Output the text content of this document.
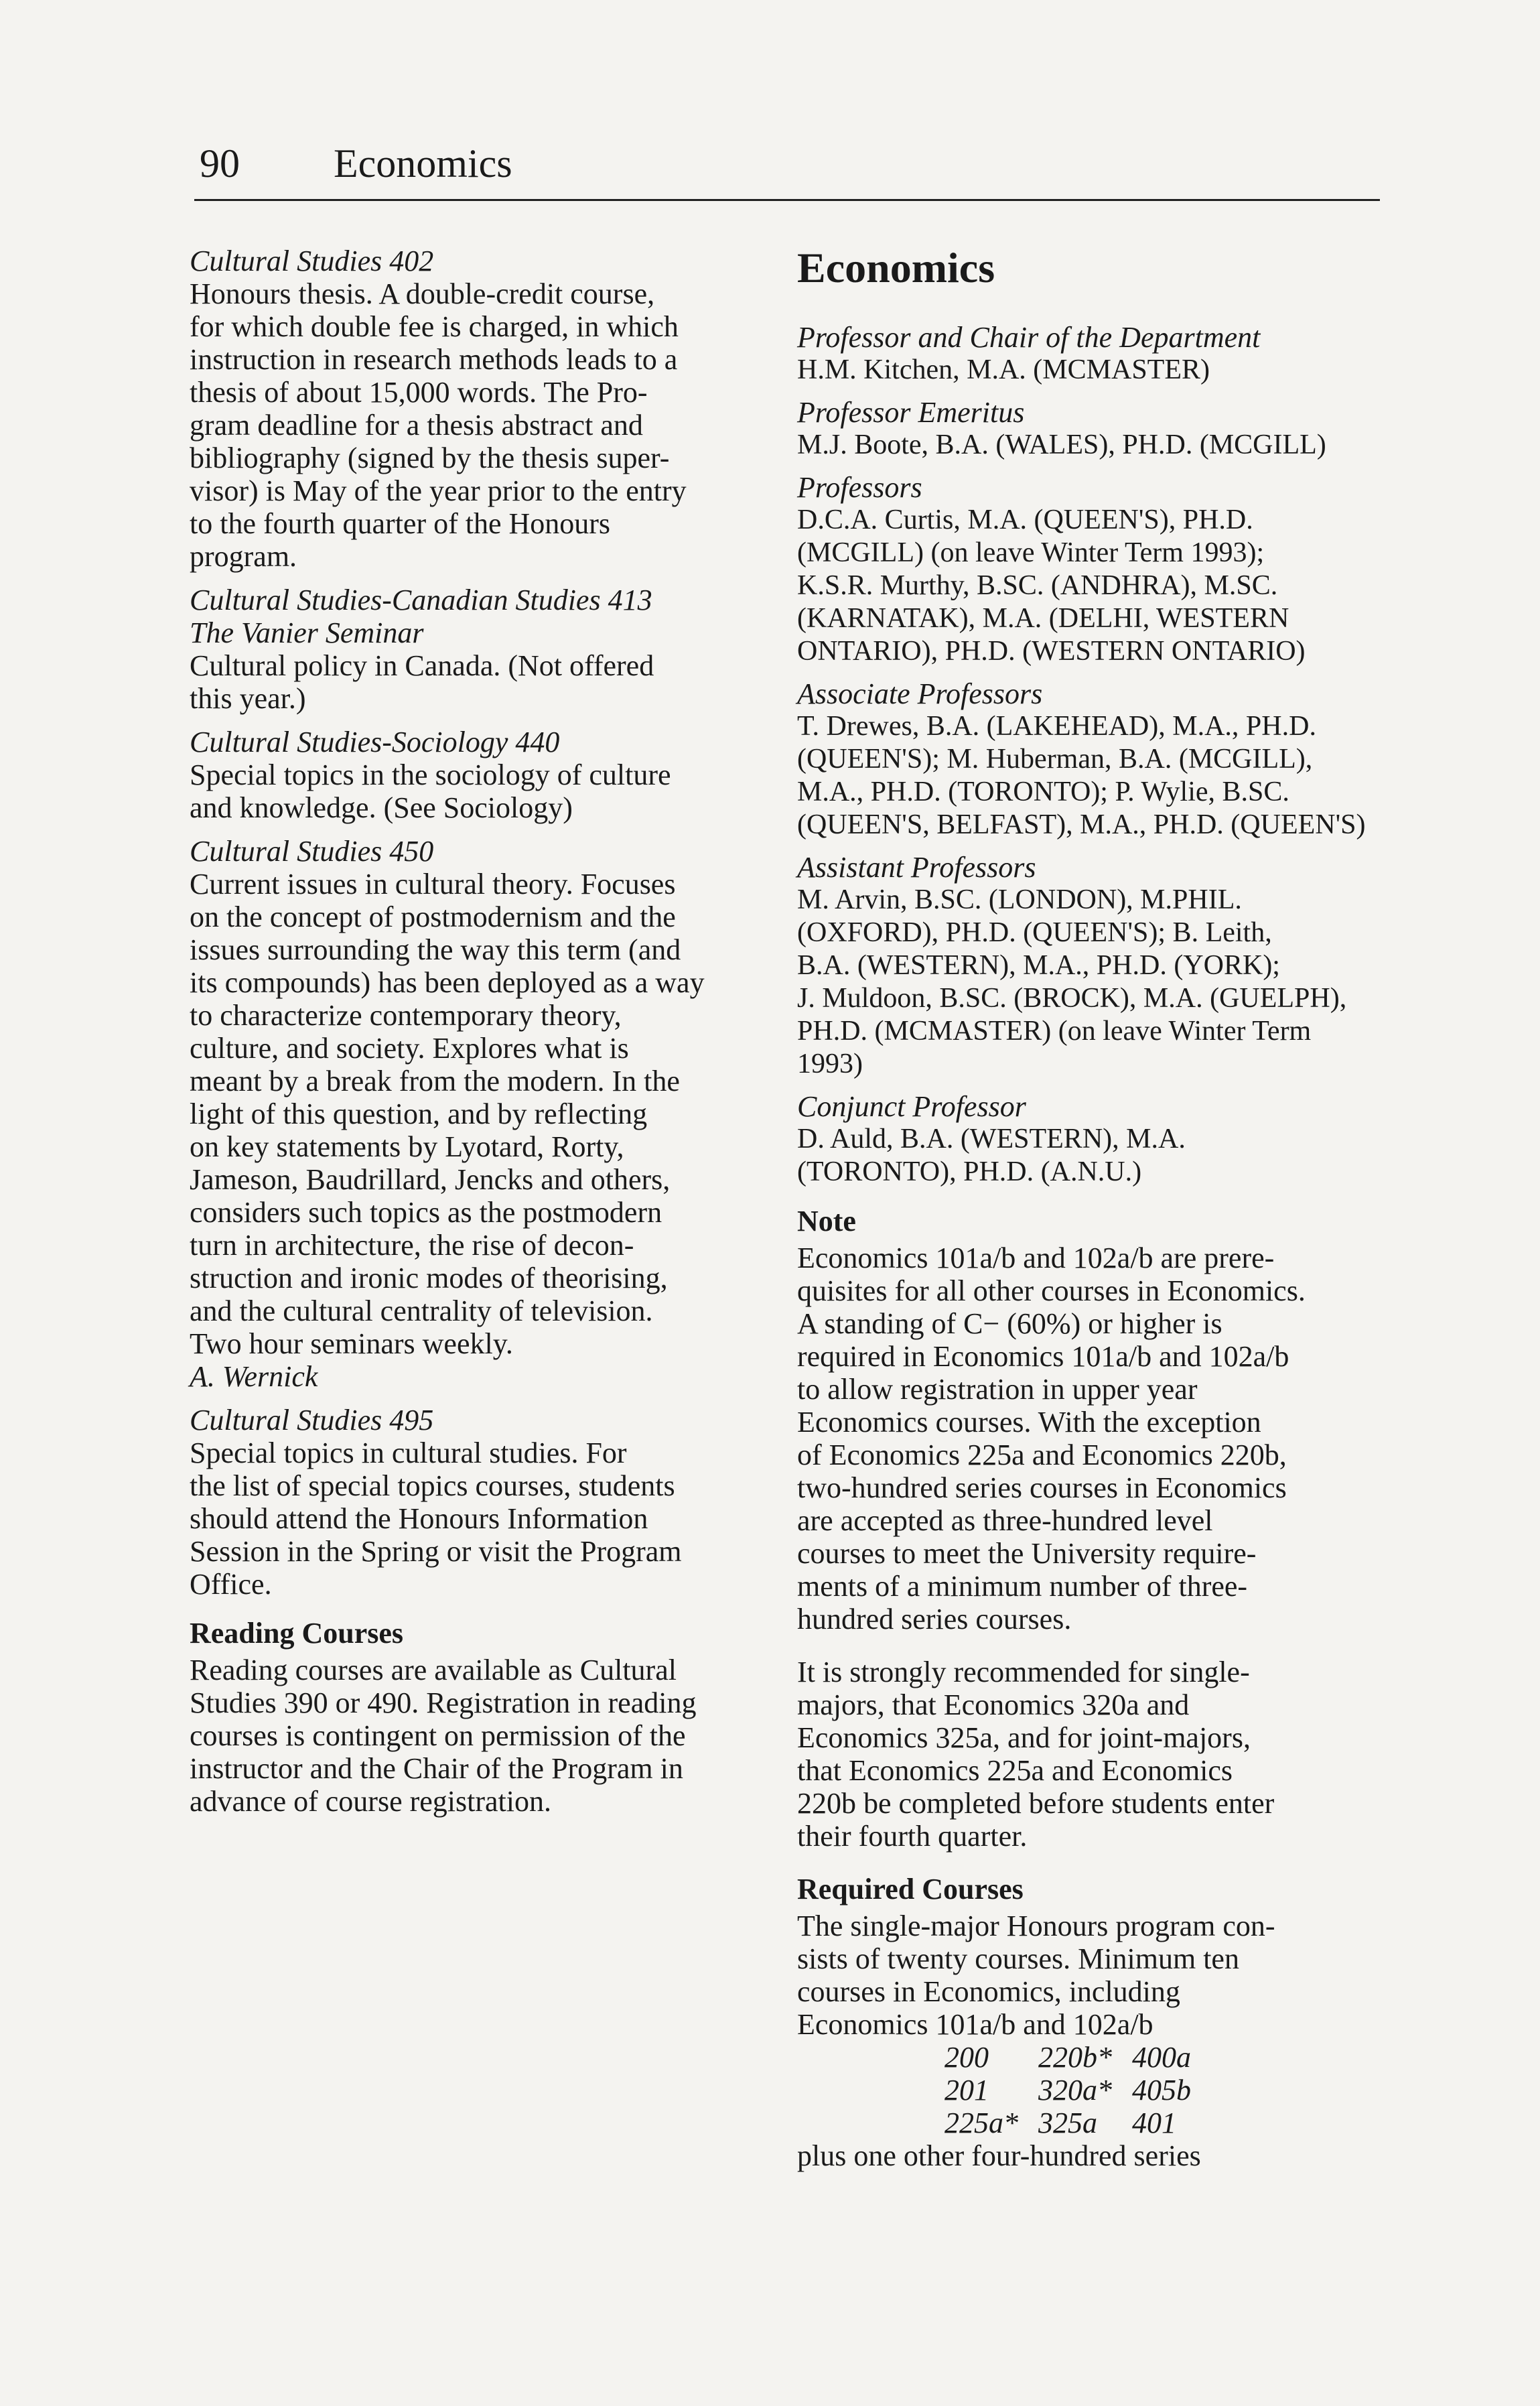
90 Economics
Cultural Studies 402
Honours thesis. A double-credit course,
for which double fee is charged, in which
instruction in research methods leads to a
thesis of about 15,000 words. The Pro-
gram deadline for a thesis abstract and
bibliography (signed by the thesis super-
visor) is May of the year prior to the entry
to the fourth quarter of the Honours
program.
Cultural Studies-Canadian Studies 413
The Vanier Seminar
Cultural policy in Canada. (Not offered
this year.)
Cultural Studies-Sociology 440
Special topics in the sociology of culture
and knowledge. (See Sociology)
Cultural Studies 450
Current issues in cultural theory. Focuses
on the concept of postmodernism and the
issues surrounding the way this term (and
its compounds) has been deployed as a way
to characterize contemporary theory,
culture, and society. Explores what is
meant by a break from the modern. In the
light of this question, and by reflecting
on key statements by Lyotard, Rorty,
Jameson, Baudrillard, Jencks and others,
considers such topics as the postmodern
turn in architecture, the rise of decon-
struction and ironic modes of theorising,
and the cultural centrality of television.
Two hour seminars weekly.
A. Wernick
Cultural Studies 495
Special topics in cultural studies. For
the list of special topics courses, students
should attend the Honours Information
Session in the Spring or visit the Program
Office.
Reading Courses
Reading courses are available as Cultural
Studies 390 or 490. Registration in reading
courses is contingent on permission of the
instructor and the Chair of the Program in
advance of course registration.
Economics
Professor and Chair of the Department
H.M. Kitchen, M.A. (MCMASTER)
Professor Emeritus
M.J. Boote, B.A. (WALES), PH.D. (MCGILL)
Professors
D.C.A. Curtis, M.A. (QUEEN'S), PH.D.
(MCGILL) (on leave Winter Term 1993);
K.S.R. Murthy, B.SC. (ANDHRA), M.SC.
(KARNATAK), M.A. (DELHI, WESTERN
ONTARIO), PH.D. (WESTERN ONTARIO)
Associate Professors
T. Drewes, B.A. (LAKEHEAD), M.A., PH.D.
(QUEEN'S); M. Huberman, B.A. (MCGILL),
M.A., PH.D. (TORONTO); P. Wylie, B.SC.
(QUEEN'S, BELFAST), M.A., PH.D. (QUEEN'S)
Assistant Professors
M. Arvin, B.SC. (LONDON), M.PHIL.
(OXFORD), PH.D. (QUEEN'S); B. Leith,
B.A. (WESTERN), M.A., PH.D. (YORK);
J. Muldoon, B.SC. (BROCK), M.A. (GUELPH),
PH.D. (MCMASTER) (on leave Winter Term
1993)
Conjunct Professor
D. Auld, B.A. (WESTERN), M.A.
(TORONTO), PH.D. (A.N.U.)
Note
Economics 101a/b and 102a/b are prere-
quisites for all other courses in Economics.
A standing of C− (60%) or higher is
required in Economics 101a/b and 102a/b
to allow registration in upper year
Economics courses. With the exception
of Economics 225a and Economics 220b,
two-hundred series courses in Economics
are accepted as three-hundred level
courses to meet the University require-
ments of a minimum number of three-
hundred series courses.
It is strongly recommended for single-
majors, that Economics 320a and
Economics 325a, and for joint-majors,
that Economics 225a and Economics
220b be completed before students enter
their fourth quarter.
Required Courses
The single-major Honours program con-
sists of twenty courses. Minimum ten
courses in Economics, including
Economics 101a/b and 102a/b
200	220b* 400a
201	320a* 405b
225a* 325a	401
plus one other four-hundred series
